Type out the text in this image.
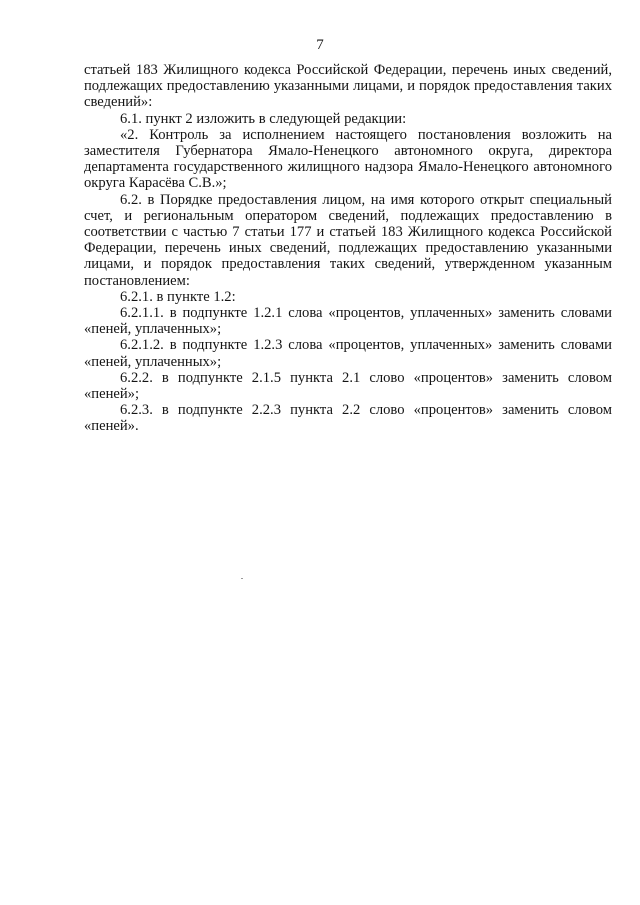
7

статьей 183 Жилищного кодекса Российской Федерации, перечень иных сведений, подлежащих предоставлению указанными лицами, и порядок предоставления таких сведений»:

6.1. пункт 2 изложить в следующей редакции:

«2. Контроль за исполнением настоящего постановления возложить на заместителя Губернатора Ямало-Ненецкого автономного округа, директора департамента государственного жилищного надзора Ямало-Ненецкого автономного округа Карасёва С.В.»;

6.2. в Порядке предоставления лицом, на имя которого открыт специальный счет, и региональным оператором сведений, подлежащих предоставлению в соответствии с частью 7 статьи 177 и статьей 183 Жилищного кодекса Российской Федерации, перечень иных сведений, подлежащих предоставлению указанными лицами, и порядок предоставления таких сведений, утвержденном указанным постановлением:

6.2.1. в пункте 1.2:

6.2.1.1. в подпункте 1.2.1 слова «процентов, уплаченных» заменить словами «пеней, уплаченных»;

6.2.1.2. в подпункте 1.2.3 слова «процентов, уплаченных» заменить словами «пеней, уплаченных»;

6.2.2. в подпункте 2.1.5 пункта 2.1 слово «процентов» заменить словом «пеней»;

6.2.3. в подпункте 2.2.3 пункта 2.2 слово «процентов» заменить словом «пеней».
